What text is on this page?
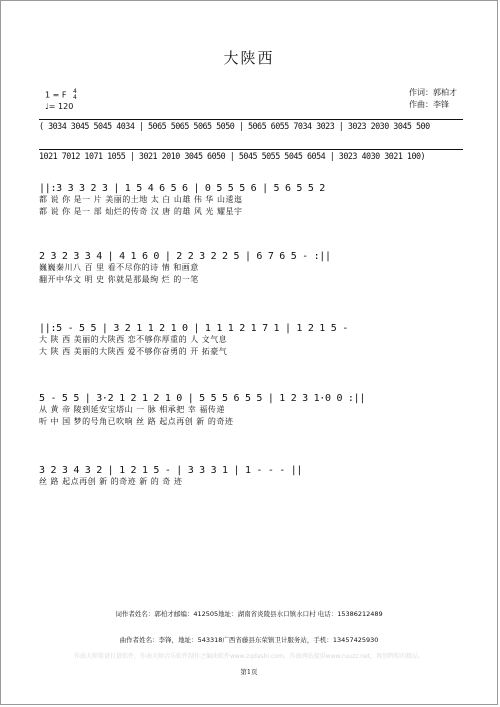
大陕西
作词：郭柏才
作曲：李锋
1 = F 4
4
♩= 120
( 3034 3045 5045 4034 | 5065 5065 5065 5050 | 5065 6055 7034 3023 | 3023 2030 3045 500
1021 7012 1071 1055 | 3021 2010 3045 6050 | 5045 5055 5045 6054 | 3023 4030 3021 100)
||:3 3 3 2 3 | 1 5 4 6 5 6 | 0 5 5 5 6 | 5 6 5 5 2
都 说 你 是一 片 美丽的土地 太 白 山雄 伟 华 山逶迤
都 说 你 是一 部 灿烂的传奇 汉 唐 的雄 风 光 耀星宇
2 3 2 3 3 4 | 4 1 6 0 | 2 2 3 2 2 5 | 6 7 6 5 - :||
巍巍秦川八 百 里 看不尽你的诗 情 和画意
翻开中华文 明 史 你就是那最绚 烂 的一笔
||:5 - 5 5 | 3 2 1 1 2 1 0 | 1 1 1 2 1 7 1 | 1 2 1 5 -
大 陕 西 美丽的大陕西 恋不够你厚重的 人 文气息
大 陕 西 美丽的大陕西 爱不够你奋勇的 开 拓豪气
5 - 5 5 | 3·2 1 2 1 2 1 0 | 5 5 5 6 5 5 | 1 2 3 1·0 0 :||
从 黄 帝 陵到延安宝塔山 一 脉 相承把 幸 福传递
听 中 国 梦的号角已吹响 丝 路 起点再创 新 的奇迹
3 2 3 4 3 2 | 1 2 1 5 - | 3 3 3 1 | 1 - - - ||
丝 路 起点再创 新 的奇迹 新 的 奇 迹
词作者姓名：郭柏才邮编：412505地址：湖南省炎陵县水口镇水口村 电话：15386212489
曲作者姓名：李锋，地址：543318广西省藤县东荣镇卫计服务站，手机：13457425930
作曲大师简谱打谱软件，作曲大师音乐软件制作之编曲软件www.zqdashi.com，作曲网站提供www.ruuzz.net，再创辉煌的精品。
第1页
